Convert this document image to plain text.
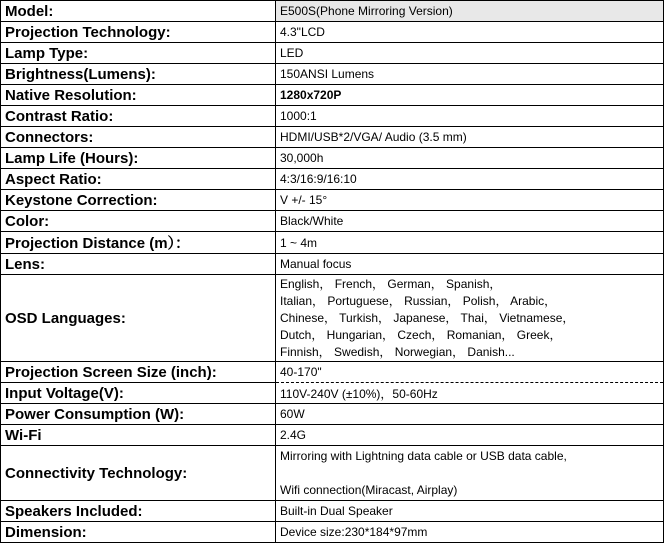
Model:	E500S(Phone Mirroring Version)
Projection Technology:	4.3"LCD
Lamp Type:	LED
Brightness(Lumens):	150ANSI Lumens
Native Resolution:	1280x720P
Contrast Ratio:	1000:1
Connectors:	HDMI/USB*2/VGA/ Audio (3.5 mm)
Lamp Life (Hours):	30,000h
Aspect Ratio:	4:3/16:9/16:10
Keystone Correction:	V +/- 15°
Color:	Black/White
Projection Distance (m）：	1 ~ 4m
Lens:	Manual focus
OSD Languages:	English， French， German， Spanish，
Italian， Portuguese， Russian， Polish， Arabic，
Chinese， Turkish， Japanese， Thai， Vietnamese，
Dutch， Hungarian， Czech， Romanian， Greek，
Finnish， Swedish， Norwegian， Danish...

Projection Screen Size (inch):	40-170"
Input Voltage(V):	110V-240V (±10%)，50-60Hz
Power Consumption (W):	60W
Wi-Fi	2.4G
Connectivity Technology:	Mirroring with Lightning data cable or USB data cable,
Wifi connection(Miracast, Airplay)

Speakers Included:	Built-in Dual Speaker
Dimension:	Device size:230*184*97mm
